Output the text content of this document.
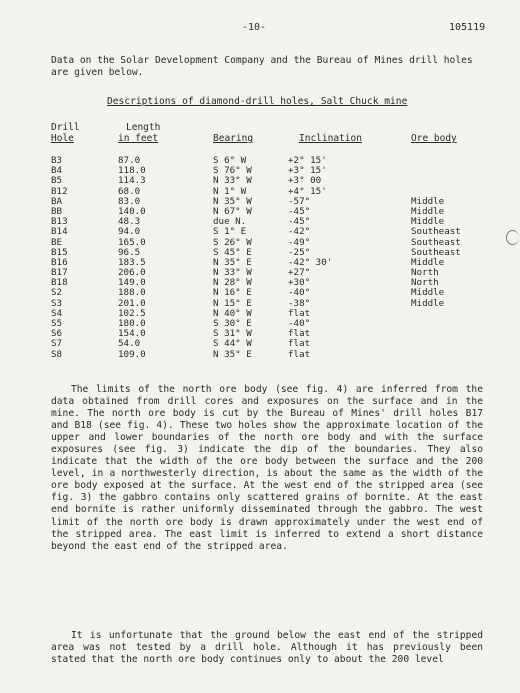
-10-	105119
Data on the Solar Development Company and the Bureau of Mines drill holes are given below.
Descriptions of diamond-drill holes, Salt Chuck mine
Drill
Hole
Length
in feet	Bearing	Inclination	Ore body
B3	87.0	S 6° W	+2° 15'
B4	118.0	S 76° W	+3° 15'
B5	114.3	N 33° W	+3° 00
B12	68.0	N 1° W	+4° 15'
BA	83.0	N 35° W	-57°	Middle
BB	140.0	N 67° W	-45°	Middle
B13	48.3	due N.	-45°	Middle
B14	94.0	S 1° E	-42°	Southeast
BE	165.0	S 26° W	-49°	Southeast
B15	96.5	S 45° E	-25°	Southeast
B16	183.5	N 35° E	-42° 30'	Middle
B17	206.0	N 33° W	+27°	North
B18	149.0	N 28° W	+30°	North
S2	188.0	N 16° E	-40°	Middle
S3	201.0	N 15° E	-38°	Middle
S4	102.5	N 40° W	flat
S5	180.0	S 30° E	-40°
S6	154.0	S 31° W	flat
S7	54.0	S 44° W	flat
S8	109.0	N 35° E	flat
The limits of the north ore body (see fig. 4) are inferred from the data obtained from drill cores and exposures on the surface and in the mine. The north ore body is cut by the Bureau of Mines' drill holes B17 and B18 (see fig. 4). These two holes show the approximate location of the upper and lower boundaries of the north ore body and with the surface exposures (see fig. 3) indicate the dip of the boundaries. They also indicate that the width of the ore body between the surface and the 200 level, in a northwesterly direction, is about the same as the width of the ore body exposed at the surface. At the west end of the stripped area (see fig. 3) the gabbro contains only scattered grains of bornite. At the east end bornite is rather uniformly disseminated through the gabbro. The west limit of the north ore body is drawn approximately under the west end of the stripped area. The east limit is inferred to extend a short distance beyond the east end of the stripped area.
It is unfortunate that the ground below the east end of the stripped area was not tested by a drill hole. Although it has previously been stated that the north ore body continues only to about the 200 level
